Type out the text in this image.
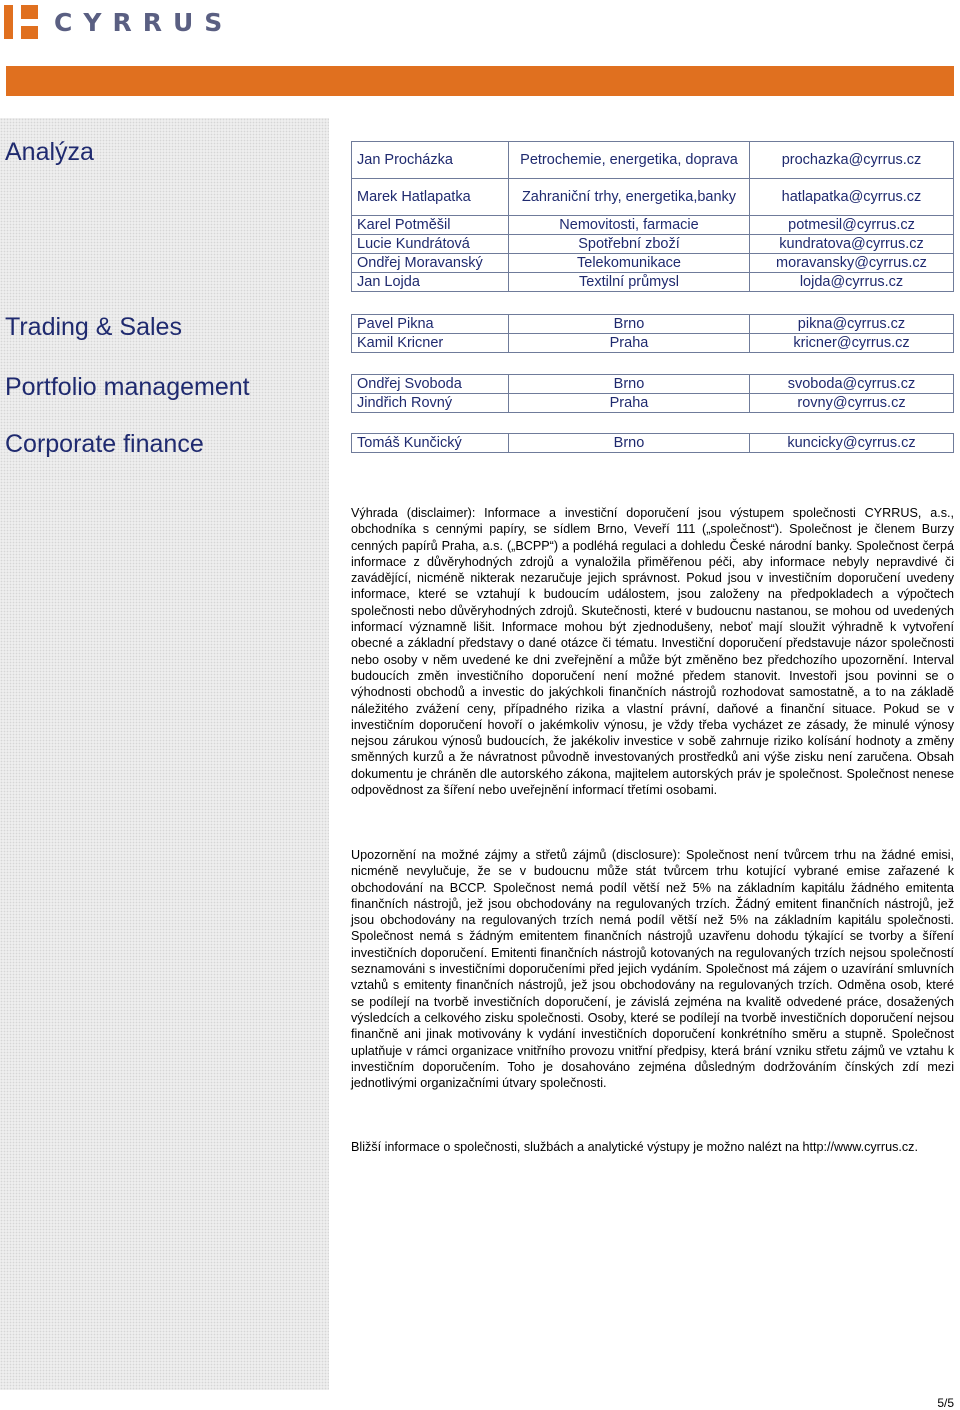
CYRRUS
Analýza
Trading & Sales
Portfolio management
Corporate finance
Jan Procházka	Petrochemie, energetika, doprava	prochazka@cyrrus.cz
Marek Hatlapatka	Zahraniční trhy, energetika,banky	hatlapatka@cyrrus.cz
Karel Potměšil	Nemovitosti, farmacie	potmesil@cyrrus.cz
Lucie Kundrátová	Spotřební zboží	kundratova@cyrrus.cz
Ondřej Moravanský	Telekomunikace	moravansky@cyrrus.cz
Jan Lojda	Textilní průmysl	lojda@cyrrus.cz
Pavel Pikna	Brno	pikna@cyrrus.cz
Kamil Kricner	Praha	kricner@cyrrus.cz
Ondřej Svoboda	Brno	svoboda@cyrrus.cz
Jindřich Rovný	Praha	rovny@cyrrus.cz
Tomáš Kunčický	Brno	kuncicky@cyrrus.cz

Výhrada (disclaimer): Informace a investiční doporučení jsou výstupem společnosti CYRRUS, a.s., obchodníka s cennými papíry, se sídlem Brno, Veveří 111 („společnost“). Společnost je členem Burzy cenných papírů Praha, a.s. („BCPP“) a podléhá regulaci a dohledu České národní banky. Společnost čerpá informace z důvěryhodných zdrojů a vynaložila přiměřenou péči, aby informace nebyly nepravdivé či zavádějící, nicméně nikterak nezaručuje jejich správnost. Pokud jsou v investičním doporučení uvedeny informace, které se vztahují k budoucím událostem, jsou založeny na předpokladech a výpočtech společnosti nebo důvěryhodných zdrojů. Skutečnosti, které v budoucnu nastanou, se mohou od uvedených informací významně lišit. Informace mohou být zjednodušeny, neboť mají sloužit výhradně k vytvoření obecné a základní představy o dané otázce či tématu. Investiční doporučení představuje názor společnosti nebo osoby v něm uvedené ke dni zveřejnění a může být změněno bez předchozího upozornění. Interval budoucích změn investičního doporučení není možné předem stanovit. Investoři jsou povinni se o výhodnosti obchodů a investic do jakýchkoli finančních nástrojů rozhodovat samostatně, a to na základě náležitého zvážení ceny, případného rizika a vlastní právní, daňové a finanční situace. Pokud se v investičním doporučení hovoří o jakémkoliv výnosu, je vždy třeba vycházet ze zásady, že minulé výnosy nejsou zárukou výnosů budoucích, že jakékoliv investice v sobě zahrnuje riziko kolísání hodnoty a změny směnných kurzů a že návratnost původně investovaných prostředků ani výše zisku není zaručena. Obsah dokumentu je chráněn dle autorského zákona, majitelem autorských práv je společnost. Společnost nenese odpovědnost za šíření nebo uveřejnění informací třetími osobami.

Upozornění na možné zájmy a střetů zájmů (disclosure): Společnost není tvůrcem trhu na žádné emisi, nicméně nevylučuje, že se v budoucnu může stát tvůrcem trhu kotující vybrané emise zařazené k obchodování na BCCP. Společnost nemá podíl větší než 5% na základním kapitálu žádného emitenta finančních nástrojů, jež jsou obchodovány na regulovaných trzích. Žádný emitent finančních nástrojů, jež jsou obchodovány na regulovaných trzích nemá podíl větší než 5% na základním kapitálu společnosti. Společnost nemá s žádným emitentem finančních nástrojů uzavřenu dohodu týkající se tvorby a šíření investičních doporučení. Emitenti finančních nástrojů kotovaných na regulovaných trzích nejsou společností seznamováni s investičními doporučeními před jejich vydáním. Společnost má zájem o uzavírání smluvních vztahů s emitenty finančních nástrojů, jež jsou obchodovány na regulovaných trzích. Odměna osob, které se podílejí na tvorbě investičních doporučení, je závislá zejména na kvalitě odvedené práce, dosažených výsledcích a celkového zisku společnosti. Osoby, které se podílejí na tvorbě investičních doporučení nejsou finančně ani jinak motivovány k vydání investičních doporučení konkrétního směru a stupně. Společnost uplatňuje v rámci organizace vnitřního provozu vnitřní předpisy, která brání vzniku střetu zájmů ve vztahu k investičním doporučením. Toho je dosahováno zejména důsledným dodržováním čínských zdí mezi jednotlivými organizačními útvary společnosti.

Bližší informace o společnosti, službách a analytické výstupy je možno nalézt na http://www.cyrrus.cz.

5/5
